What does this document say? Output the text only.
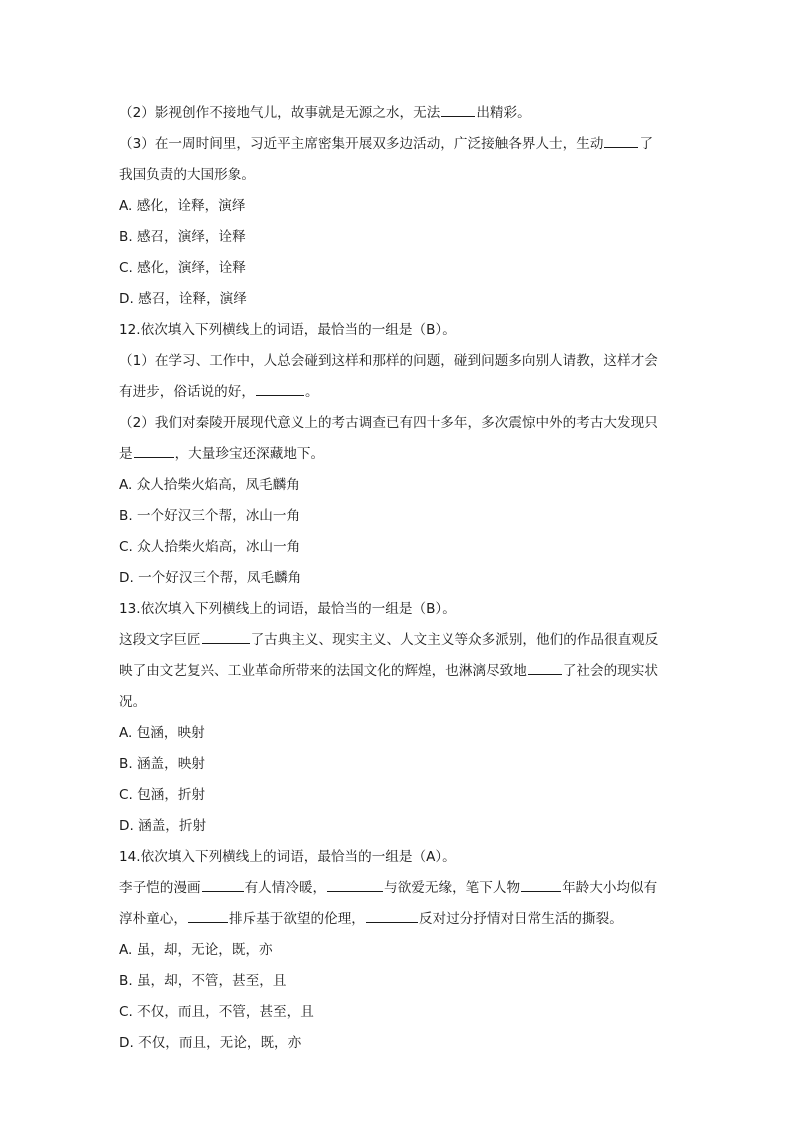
（2）影视创作不接地气儿，故事就是无源之水，无法	出精彩。
（3）在一周时间里，习近平主席密集开展双多边活动，广泛接触各界人士，生动	了
我国负责的大国形象。
A. 感化，诠释，演绎
B. 感召，演绎，诠释
C. 感化，演绎，诠释
D. 感召，诠释，演绎
12.依次填入下列横线上的词语，最恰当的一组是（B）。
（1）在学习、工作中，人总会碰到这样和那样的问题，碰到问题多向别人请教，这样才会
有进步，俗话说的好，	。
（2）我们对秦陵开展现代意义上的考古调查已有四十多年，多次震惊中外的考古大发现只
是	，大量珍宝还深藏地下。
A. 众人拾柴火焰高，凤毛麟角
B. 一个好汉三个帮，冰山一角
C. 众人拾柴火焰高，冰山一角
D. 一个好汉三个帮，凤毛麟角
13.依次填入下列横线上的词语，最恰当的一组是（B）。
这段文字巨匠	了古典主义、现实主义、人文主义等众多派别，他们的作品很直观反
映了由文艺复兴、工业革命所带来的法国文化的辉煌，也淋漓尽致地	了社会的现实状
况。
A. 包涵，映射
B. 涵盖，映射
C. 包涵，折射
D. 涵盖，折射
14.依次填入下列横线上的词语，最恰当的一组是（A）。
李子恺的漫画	有人情冷暖，	与欲爱无缘，笔下人物	年龄大小均似有
淳朴童心，	排斥基于欲望的伦理，	反对过分抒情对日常生活的撕裂。
A. 虽，却，无论，既，亦
B. 虽，却，不管，甚至，且
C. 不仅，而且，不管，甚至，且
D. 不仅，而且，无论，既，亦
